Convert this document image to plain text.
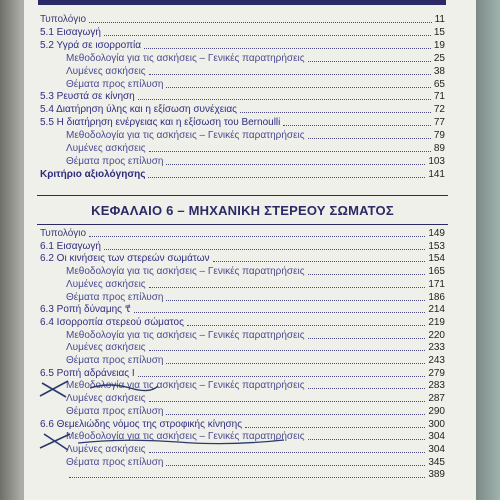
Τυπολόγιο	11
5.1 Εισαγωγή	15
5.2 Υγρά σε ισορροπία	19
Μεθοδολογία για τις ασκήσεις – Γενικές παρατηρήσεις	25
Λυμένες ασκήσεις	38
Θέματα προς επίλυση	65
5.3 Ρευστά σε κίνηση	71
5.4 Διατήρηση ύλης και η εξίσωση συνέχειας	72
5.5 Η διατήρηση ενέργειας και η εξίσωση του Bernoulli	77
Μεθοδολογία για τις ασκήσεις – Γενικές παρατηρήσεις	79
Λυμένες ασκήσεις	89
Θέματα προς επίλυση	103
Κριτήριο αξιολόγησης	141
ΚΕΦΑΛΑΙΟ 6 – ΜΗΧΑΝΙΚΗ ΣΤΕΡΕΟΥ ΣΩΜΑΤΟΣ
Τυπολόγιο	149
6.1 Εισαγωγή	153
6.2 Οι κινήσεις των στερεών σωμάτων	154
Μεθοδολογία για τις ασκήσεις – Γενικές παρατηρήσεις	165
Λυμένες ασκήσεις	171
Θέματα προς επίλυση	186
6.3 Ροπή δύναμης τ⃗	214
6.4 Ισορροπία στερεού σώματος	219
Μεθοδολογία για τις ασκήσεις – Γενικές παρατηρήσεις	220
Λυμένες ασκήσεις	233
Θέματα προς επίλυση	243
6.5 Ροπή αδράνειας I	279
Μεθοδολογία για τις ασκήσεις – Γενικές παρατηρήσεις	283
Λυμένες ασκήσεις	287
Θέματα προς επίλυση	290
6.6 Θεμελιώδης νόμος της στροφικής κίνησης	300
Μεθοδολογία για τις ασκήσεις – Γενικές παρατηρήσεις	304
Λυμένες ασκήσεις	304
Θέματα προς επίλυση	345
389
